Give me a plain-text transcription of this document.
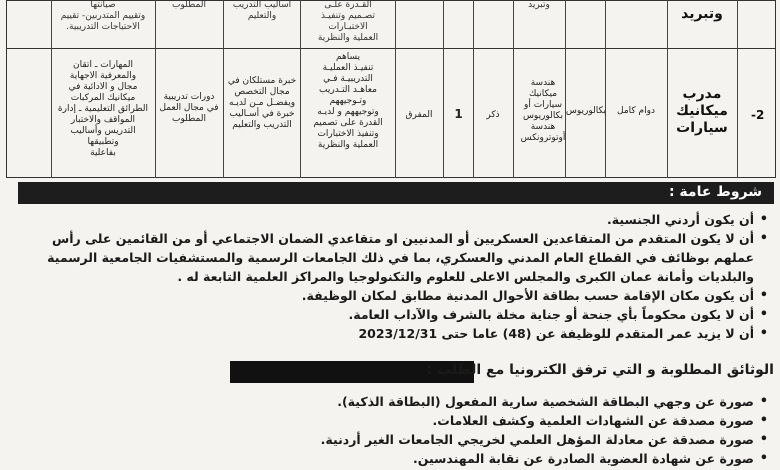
وتبريد
وتبريد
القـدرة علـى
تصـميم وتنفيـذ
الاختبـارات
العملية والنظرية
أساليب التدريب
والتعليم
المطلوب
صيانتها
وتقييم المتدربين- تقييم
الاحتياجات التدريبية.
-2
مدرب
ميكانيك
سيارات
دوام كامل
بكالوريوس
هندسة
ميكانيك
سيارات أو
بكالوريوس
هندسة
أوتوترونكس
ذكر
1
المفرق
يساهم
تنفيـذ العمليـة
التدريبيـة فـي
معاهـد التـدريب
وتـوجيههم
وتوجيههم و لديـه
القدرة على تصميم
وتنفيذ الاختبارات
العملية والنظرية
خبرة مستلكان في
مجال التخصص
ويفضـل مـن لديـه
خبرة في أسـاليب
التدريب والتعليم
دورات تدريبية
في مجال العمل
المطلوب
المهارات ـ اتقان
والمعرفية الاجهاية
مجال و الادائية في
ميكانيك المركبات
الطرائق التعليمية ـ إدارة
المواقف والاختبار
التدريس وأساليب
وتطبيقها
بفاعلية
شروط عامة :
• أن يكون أردني الجنسية.
• أن لا يكون المتقدم من المتقاعدين العسكريين أو المدنيين او متقاعدي الضمان الاجتماعي أو من القائمين على رأس عملهم بوظائف في القطاع العام المدني والعسكري، بما في ذلك الجامعات الرسمية والمستشفيات الجامعية الرسمية والبلديات وأمانة عمان الكبرى والمجلس الاعلى للعلوم والتكنولوجيا والمراكز العلمية التابعة له .
• أن يكون مكان الإقامة حسب بطاقة الأحوال المدنية مطابق لمكان الوظيفة.
• أن لا يكون محكوماً بأي جنحة أو جناية مخلة بالشرف والآداب العامة.
• أن لا يزيد عمر المتقدم للوظيفة عن (48) عاما حتى 2023/12/31
الوثائق المطلوبة و التي ترفق الكترونيا مع الطلب :
• صورة عن وجهي البطاقة الشخصية سارية المفعول (البطاقة الذكية).
• صورة مصدقة عن الشهادات العلمية وكشف العلامات.
• صورة مصدقة عن معادلة المؤهل العلمي لخريجي الجامعات الغير أردنية.
• صورة عن شهادة العضوية الصادرة عن نقابة المهندسين.
